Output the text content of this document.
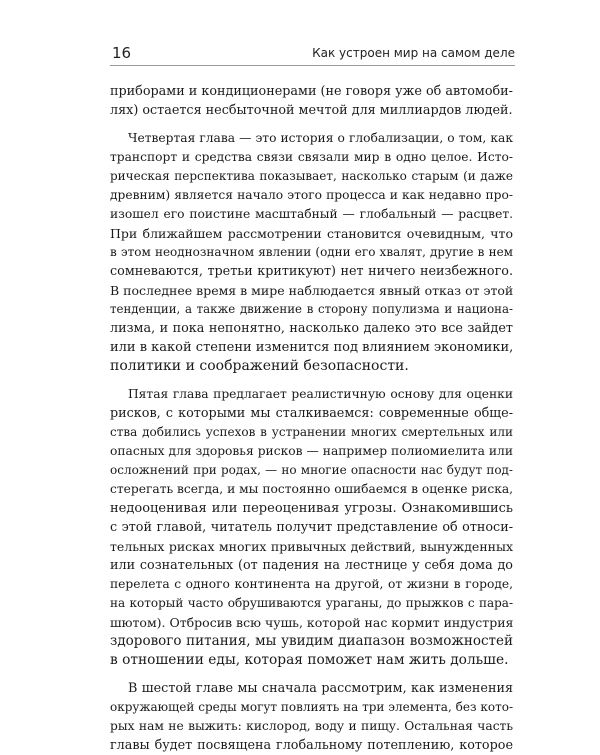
16	Как устроен мир на самом деле
приборами и кондиционерами (не говоря уже об автомоби-
лях) остается несбыточной мечтой для миллиардов людей.
Четвертая глава — это история о глобализации, о том, как
транспорт и средства связи связали мир в одно целое. Исто-
рическая перспектива показывает, насколько старым (и даже
древним) является начало этого процесса и как недавно про-
изошел его поистине масштабный — глобальный — расцвет.
При ближайшем рассмотрении становится очевидным, что
в этом неоднозначном явлении (одни его хвалят, другие в нем
сомневаются, третьи критикуют) нет ничего неизбежного.
В последнее время в мире наблюдается явный отказ от этой
тенденции, а также движение в сторону популизма и национа-
лизма, и пока непонятно, насколько далеко это все зайдет
или в какой степени изменится под влиянием экономики,
политики и соображений безопасности.
Пятая глава предлагает реалистичную основу для оценки
рисков, с которыми мы сталкиваемся: современные обще-
ства добились успехов в устранении многих смертельных или
опасных для здоровья рисков — например полиомиелита или
осложнений при родах, — но многие опасности нас будут под-
стерегать всегда, и мы постоянно ошибаемся в оценке риска,
недооценивая или переоценивая угрозы. Ознакомившись
с этой главой, читатель получит представление об относи-
тельных рисках многих привычных действий, вынужденных
или сознательных (от падения на лестнице у себя дома до
перелета с одного континента на другой, от жизни в городе,
на который часто обрушиваются ураганы, до прыжков с пара-
шютом). Отбросив всю чушь, которой нас кормит индустрия
здорового питания, мы увидим диапазон возможностей
в отношении еды, которая поможет нам жить дольше.
В шестой главе мы сначала рассмотрим, как изменения
окружающей среды могут повлиять на три элемента, без кото-
рых нам не выжить: кислород, воду и пищу. Остальная часть
главы будет посвящена глобальному потеплению, которое
